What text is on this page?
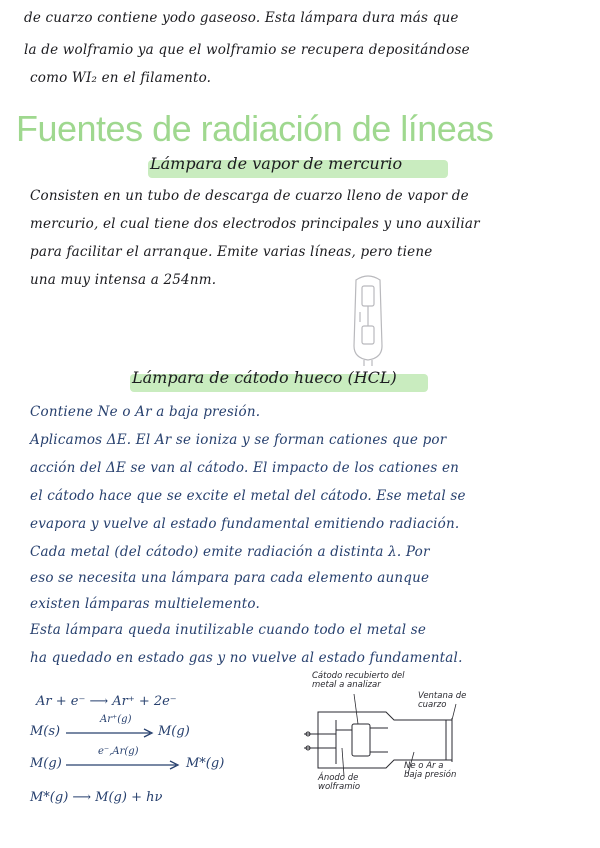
de cuarzo contiene yodo gaseoso. Esta lámpara dura más que
la de wolframio ya que el wolframio se recupera depositándose
como WI₂ en el filamento.
Fuentes de radiación de líneas
Lámpara de vapor de mercurio
Consisten en un tubo de descarga de cuarzo lleno de vapor de
mercurio, el cual tiene dos electrodos principales y uno auxiliar
para facilitar el arranque. Emite varias líneas, pero tiene
una muy intensa a 254nm.
Lámpara de cátodo hueco (HCL)
Contiene Ne o Ar a baja presión.
Aplicamos ΔE. El Ar se ioniza y se forman cationes que por
acción del ΔE se van al cátodo. El impacto de los cationes en
el cátodo hace que se excite el metal del cátodo. Ese metal se
evapora y vuelve al estado fundamental emitiendo radiación.
Cada metal (del cátodo) emite radiación a distinta λ. Por
eso se necesita una lámpara para cada elemento aunque
existen lámparas multielemento.
Esta lámpara queda inutilizable cuando todo el metal se
ha quedado en estado gas y no vuelve al estado fundamental.
Ar + e⁻ ⟶ Ar⁺ + 2e⁻
M(s)
Ar⁺(g)
M(g)
M(g)
e⁻,Ar(g)
M*(g)
M*(g) ⟶ M(g) + hν
Cátodo recubierto del
metal a analizar
Ventana de
cuarzo
Ánodo de
wolframio
Ne o Ar a
baja presión
